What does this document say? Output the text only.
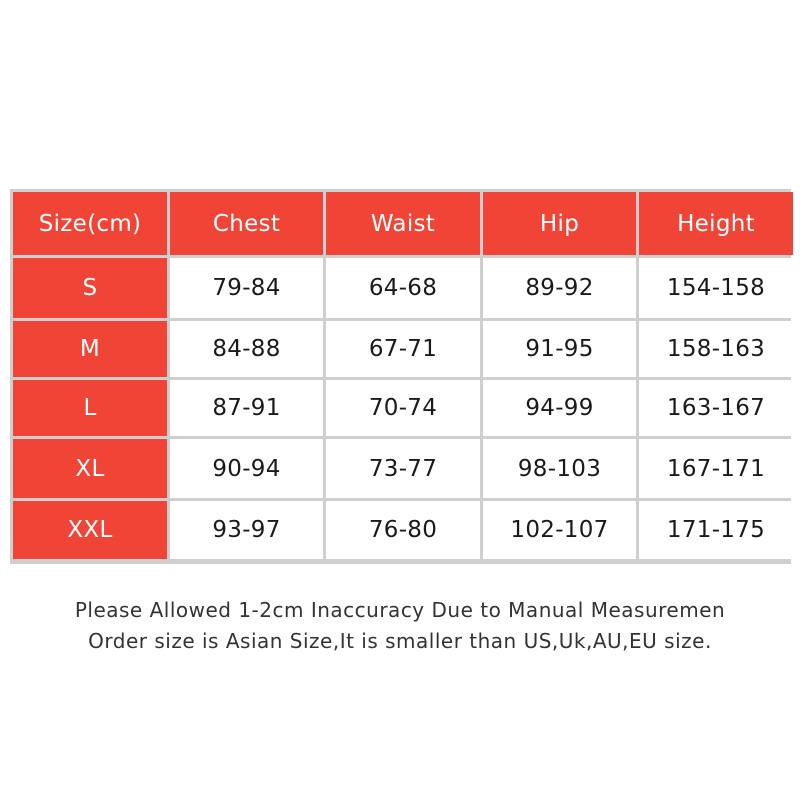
Size(cm)	Chest	Waist	Hip	Height
S	79-84	64-68	89-92	154-158
M	84-88	67-71	91-95	158-163
L	87-91	70-74	94-99	163-167
XL	90-94	73-77	98-103	167-171
XXL	93-97	76-80	102-107	171-175
Please Allowed 1-2cm Inaccuracy Due to Manual Measuremen
Order size is Asian Size,It is smaller than US,Uk,AU,EU size.
